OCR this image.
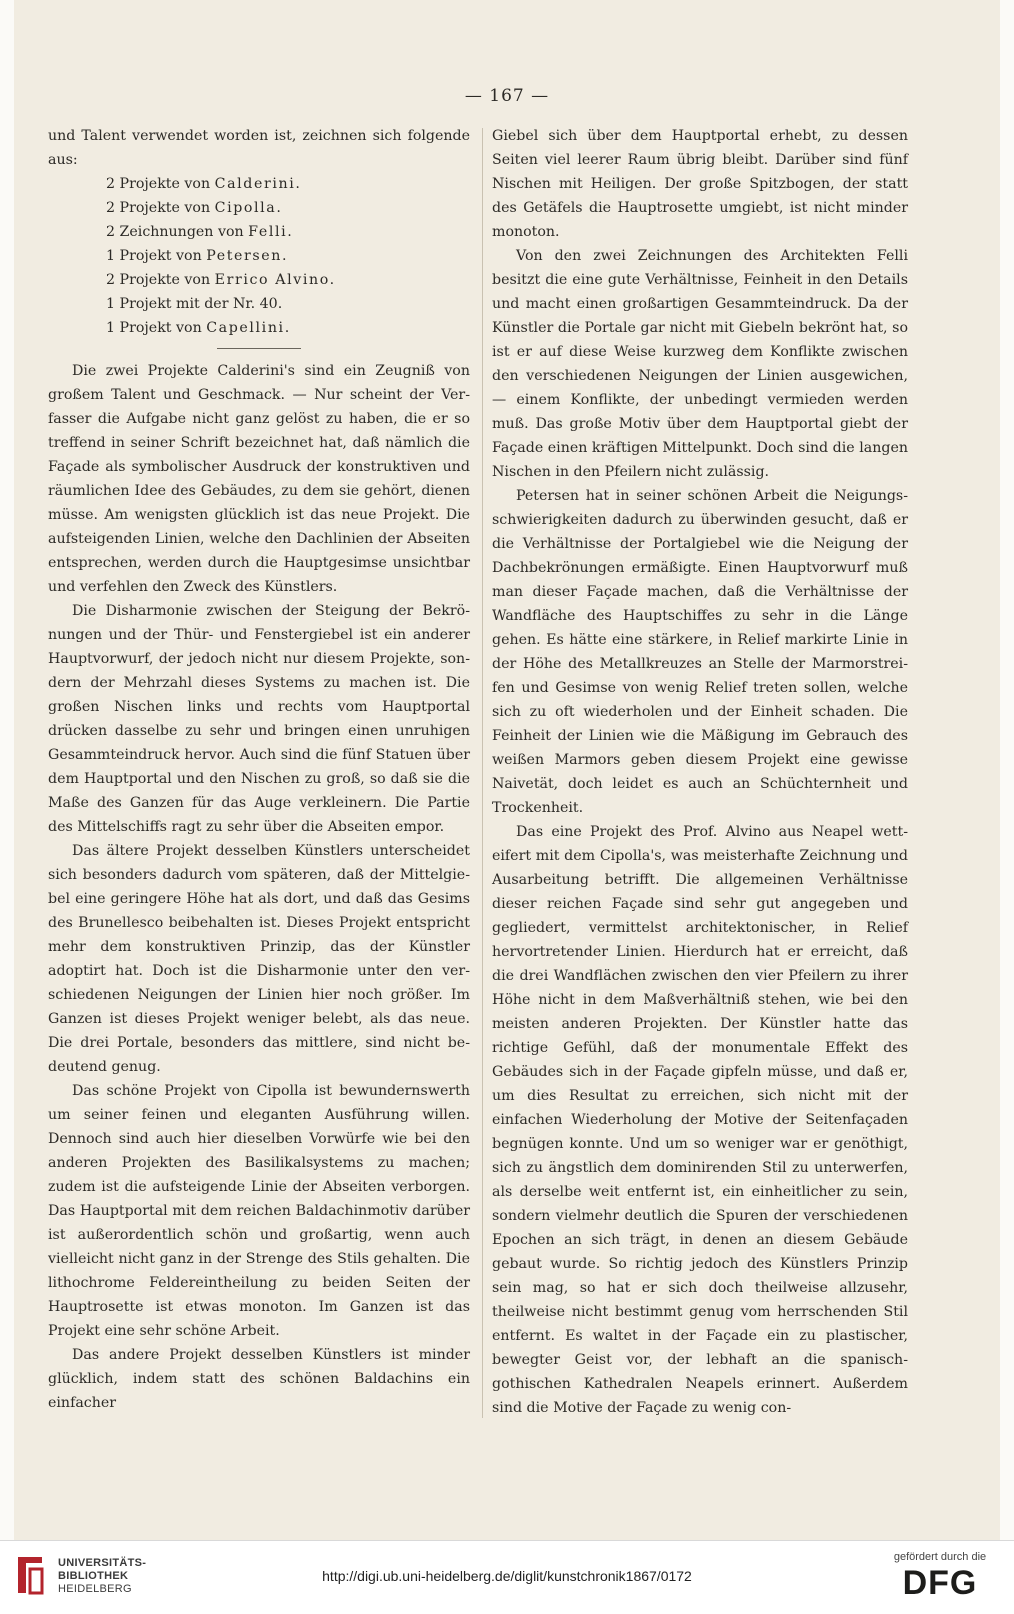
— 167 —

und Talent verwendet worden ist, zeichnen sich folgende aus:

2 Projekte von Calderini.
2 Projekte von Cipolla.
2 Zeichnungen von Felli.
1 Projekt von Petersen.
2 Projekte von Errico Alvino.
1 Projekt mit der Nr. 40.
1 Projekt von Capellini.

Die zwei Projekte Calderini's sind ein Zeugniß von großem Talent und Geschmack. — Nur scheint der Verfasser die Aufgabe nicht ganz gelöst zu haben, die er so treffend in seiner Schrift bezeichnet hat, daß nämlich die Façade als symbolischer Ausdruck der konstruktiven und räumlichen Idee des Gebäudes, zu dem sie gehört, dienen müsse. Am wenigsten glücklich ist das neue Projekt. Die aufsteigenden Linien, welche den Dachlinien der Abseiten entsprechen, werden durch die Hauptgesimse unsichtbar und verfehlen den Zweck des Künstlers.

Die Disharmonie zwischen der Steigung der Bekrönungen und der Thür- und Fenstergiebel ist ein anderer Hauptvorwurf, der jedoch nicht nur diesem Projekte, sondern der Mehrzahl dieses Systems zu machen ist. Die großen Nischen links und rechts vom Hauptportal drücken dasselbe zu sehr und bringen einen unruhigen Gesammteindruck hervor. Auch sind die fünf Statuen über dem Hauptportal und den Nischen zu groß, so daß sie die Maße des Ganzen für das Auge verkleinern. Die Partie des Mittelschiffs ragt zu sehr über die Abseiten empor.

Das ältere Projekt desselben Künstlers unterscheidet sich besonders dadurch vom späteren, daß der Mittelgiebel eine geringere Höhe hat als dort, und daß das Gesims des Brunellesco beibehalten ist. Dieses Projekt entspricht mehr dem konstruktiven Prinzip, das der Künstler adoptirt hat. Doch ist die Disharmonie unter den verschiedenen Neigungen der Linien hier noch größer. Im Ganzen ist dieses Projekt weniger belebt, als das neue. Die drei Portale, besonders das mittlere, sind nicht bedeutend genug.

Das schöne Projekt von Cipolla ist bewundernswerth um seiner feinen und eleganten Ausführung willen. Dennoch sind auch hier dieselben Vorwürfe wie bei den anderen Projekten des Basilikalsystems zu machen; zudem ist die aufsteigende Linie der Abseiten verborgen. Das Hauptportal mit dem reichen Baldachinmotiv darüber ist außerordentlich schön und großartig, wenn auch vielleicht nicht ganz in der Strenge des Stils gehalten. Die lithochrome Feldereintheilung zu beiden Seiten der Hauptrosette ist etwas monoton. Im Ganzen ist das Projekt eine sehr schöne Arbeit.

Das andere Projekt desselben Künstlers ist minder glücklich, indem statt des schönen Baldachins ein einfacher

Giebel sich über dem Hauptportal erhebt, zu dessen Seiten viel leerer Raum übrig bleibt. Darüber sind fünf Nischen mit Heiligen. Der große Spitzbogen, der statt des Getäfels die Hauptrosette umgiebt, ist nicht minder monoton.

Von den zwei Zeichnungen des Architekten Felli besitzt die eine gute Verhältnisse, Feinheit in den Details und macht einen großartigen Gesammteindruck. Da der Künstler die Portale gar nicht mit Giebeln bekrönt hat, so ist er auf diese Weise kurzweg dem Konflikte zwischen den verschiedenen Neigungen der Linien ausgewichen, — einem Konflikte, der unbedingt vermieden werden muß. Das große Motiv über dem Hauptportal giebt der Façade einen kräftigen Mittelpunkt. Doch sind die langen Nischen in den Pfeilern nicht zulässig.

Petersen hat in seiner schönen Arbeit die Neigungsschwierigkeiten dadurch zu überwinden gesucht, daß er die Verhältnisse der Portalgiebel wie die Neigung der Dachbekrönungen ermäßigte. Einen Hauptvorwurf muß man dieser Façade machen, daß die Verhältnisse der Wandfläche des Hauptschiffes zu sehr in die Länge gehen. Es hätte eine stärkere, in Relief markirte Linie in der Höhe des Metallkreuzes an Stelle der Marmorstreifen und Gesimse von wenig Relief treten sollen, welche sich zu oft wiederholen und der Einheit schaden. Die Feinheit der Linien wie die Mäßigung im Gebrauch des weißen Marmors geben diesem Projekt eine gewisse Naivetät, doch leidet es auch an Schüchternheit und Trockenheit.

Das eine Projekt des Prof. Alvino aus Neapel wetteifert mit dem Cipolla's, was meisterhafte Zeichnung und Ausarbeitung betrifft. Die allgemeinen Verhältnisse dieser reichen Façade sind sehr gut angegeben und gegliedert, vermittelst architektonischer, in Relief hervortretender Linien. Hierdurch hat er erreicht, daß die drei Wandflächen zwischen den vier Pfeilern zu ihrer Höhe nicht in dem Maßverhältniß stehen, wie bei den meisten anderen Projekten. Der Künstler hatte das richtige Gefühl, daß der monumentale Effekt des Gebäudes sich in der Façade gipfeln müsse, und daß er, um dies Resultat zu erreichen, sich nicht mit der einfachen Wiederholung der Motive der Seitenfaçaden begnügen konnte. Und um so weniger war er genöthigt, sich zu ängstlich dem dominirenden Stil zu unterwerfen, als derselbe weit entfernt ist, ein einheitlicher zu sein, sondern vielmehr deutlich die Spuren der verschiedenen Epochen an sich trägt, in denen an diesem Gebäude gebaut wurde. So richtig jedoch des Künstlers Prinzip sein mag, so hat er sich doch theilweise allzusehr, theilweise nicht bestimmt genug vom herrschenden Stil entfernt. Es waltet in der Façade ein zu plastischer, bewegter Geist vor, der lebhaft an die spanisch-gothischen Kathedralen Neapels erinnert. Außerdem sind die Motive der Façade zu wenig con-

UNIVERSITÄTS-
BIBLIOTHEK
HEIDELBERG
http://digi.ub.uni-heidelberg.de/diglit/kunstchronik1867/0172
gefördert durch die
DFG
